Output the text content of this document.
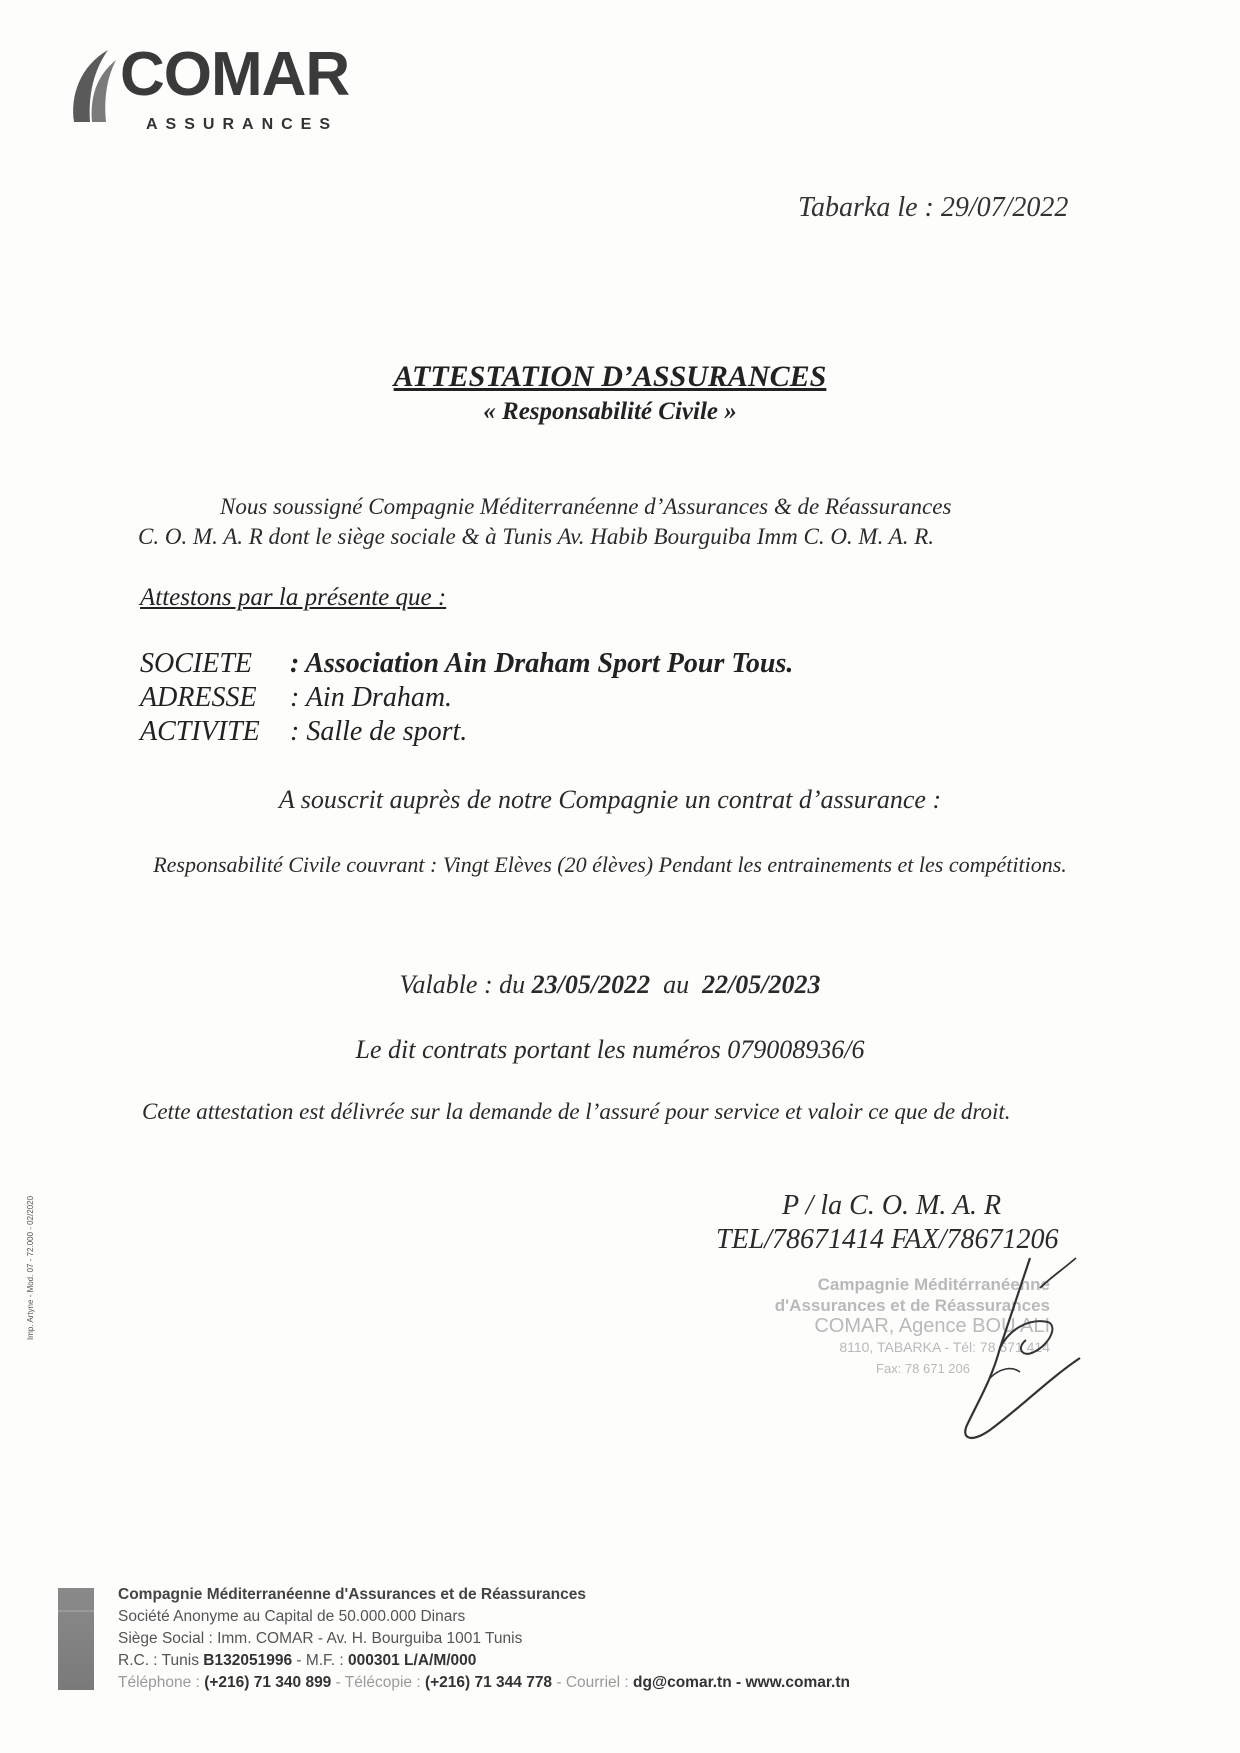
COMAR
ASSURANCES
Tabarka le : 29/07/2022
ATTESTATION D’ASSURANCES
« Responsabilité Civile »
Nous soussigné Compagnie Méditerranéenne d’Assurances & de Réassurances
C. O. M. A. R dont le siège sociale & à Tunis Av. Habib Bourguiba Imm C. O. M. A. R.
Attestons par la présente que :
SOCIETE : Association Ain Draham Sport Pour Tous.
ADRESSE : Ain Draham.
ACTIVITE : Salle de sport.
A souscrit auprès de notre Compagnie un contrat d’assurance :
Responsabilité Civile couvrant : Vingt Elèves (20 élèves) Pendant les entrainements et les compétitions.
Valable : du 23/05/2022  au  22/05/2023
Le dit contrats portant les numéros 079008936/6
Cette attestation est délivrée sur la demande de l’assuré pour service et valoir ce que de droit.
P / la C. O. M. A. R
TEL/78671414 FAX/78671206
Campagnie Méditérranéenne
d'Assurances et de Réassurances
COMAR, Agence BOU ALI
8110, TABARKA - Tél: 78 671 414
Fax: 78 671 206
Imp. Artyne - Mod. 07 - 72.000 - 02/2020
Compagnie Méditerranéenne d'Assurances et de Réassurances
Société Anonyme au Capital de 50.000.000 Dinars
Siège Social : Imm. COMAR - Av. H. Bourguiba 1001 Tunis
R.C. : Tunis B132051996 - M.F. : 000301 L/A/M/000
Téléphone : (+216) 71 340 899 - Télécopie : (+216) 71 344 778 - Courriel : dg@comar.tn - www.comar.tn
